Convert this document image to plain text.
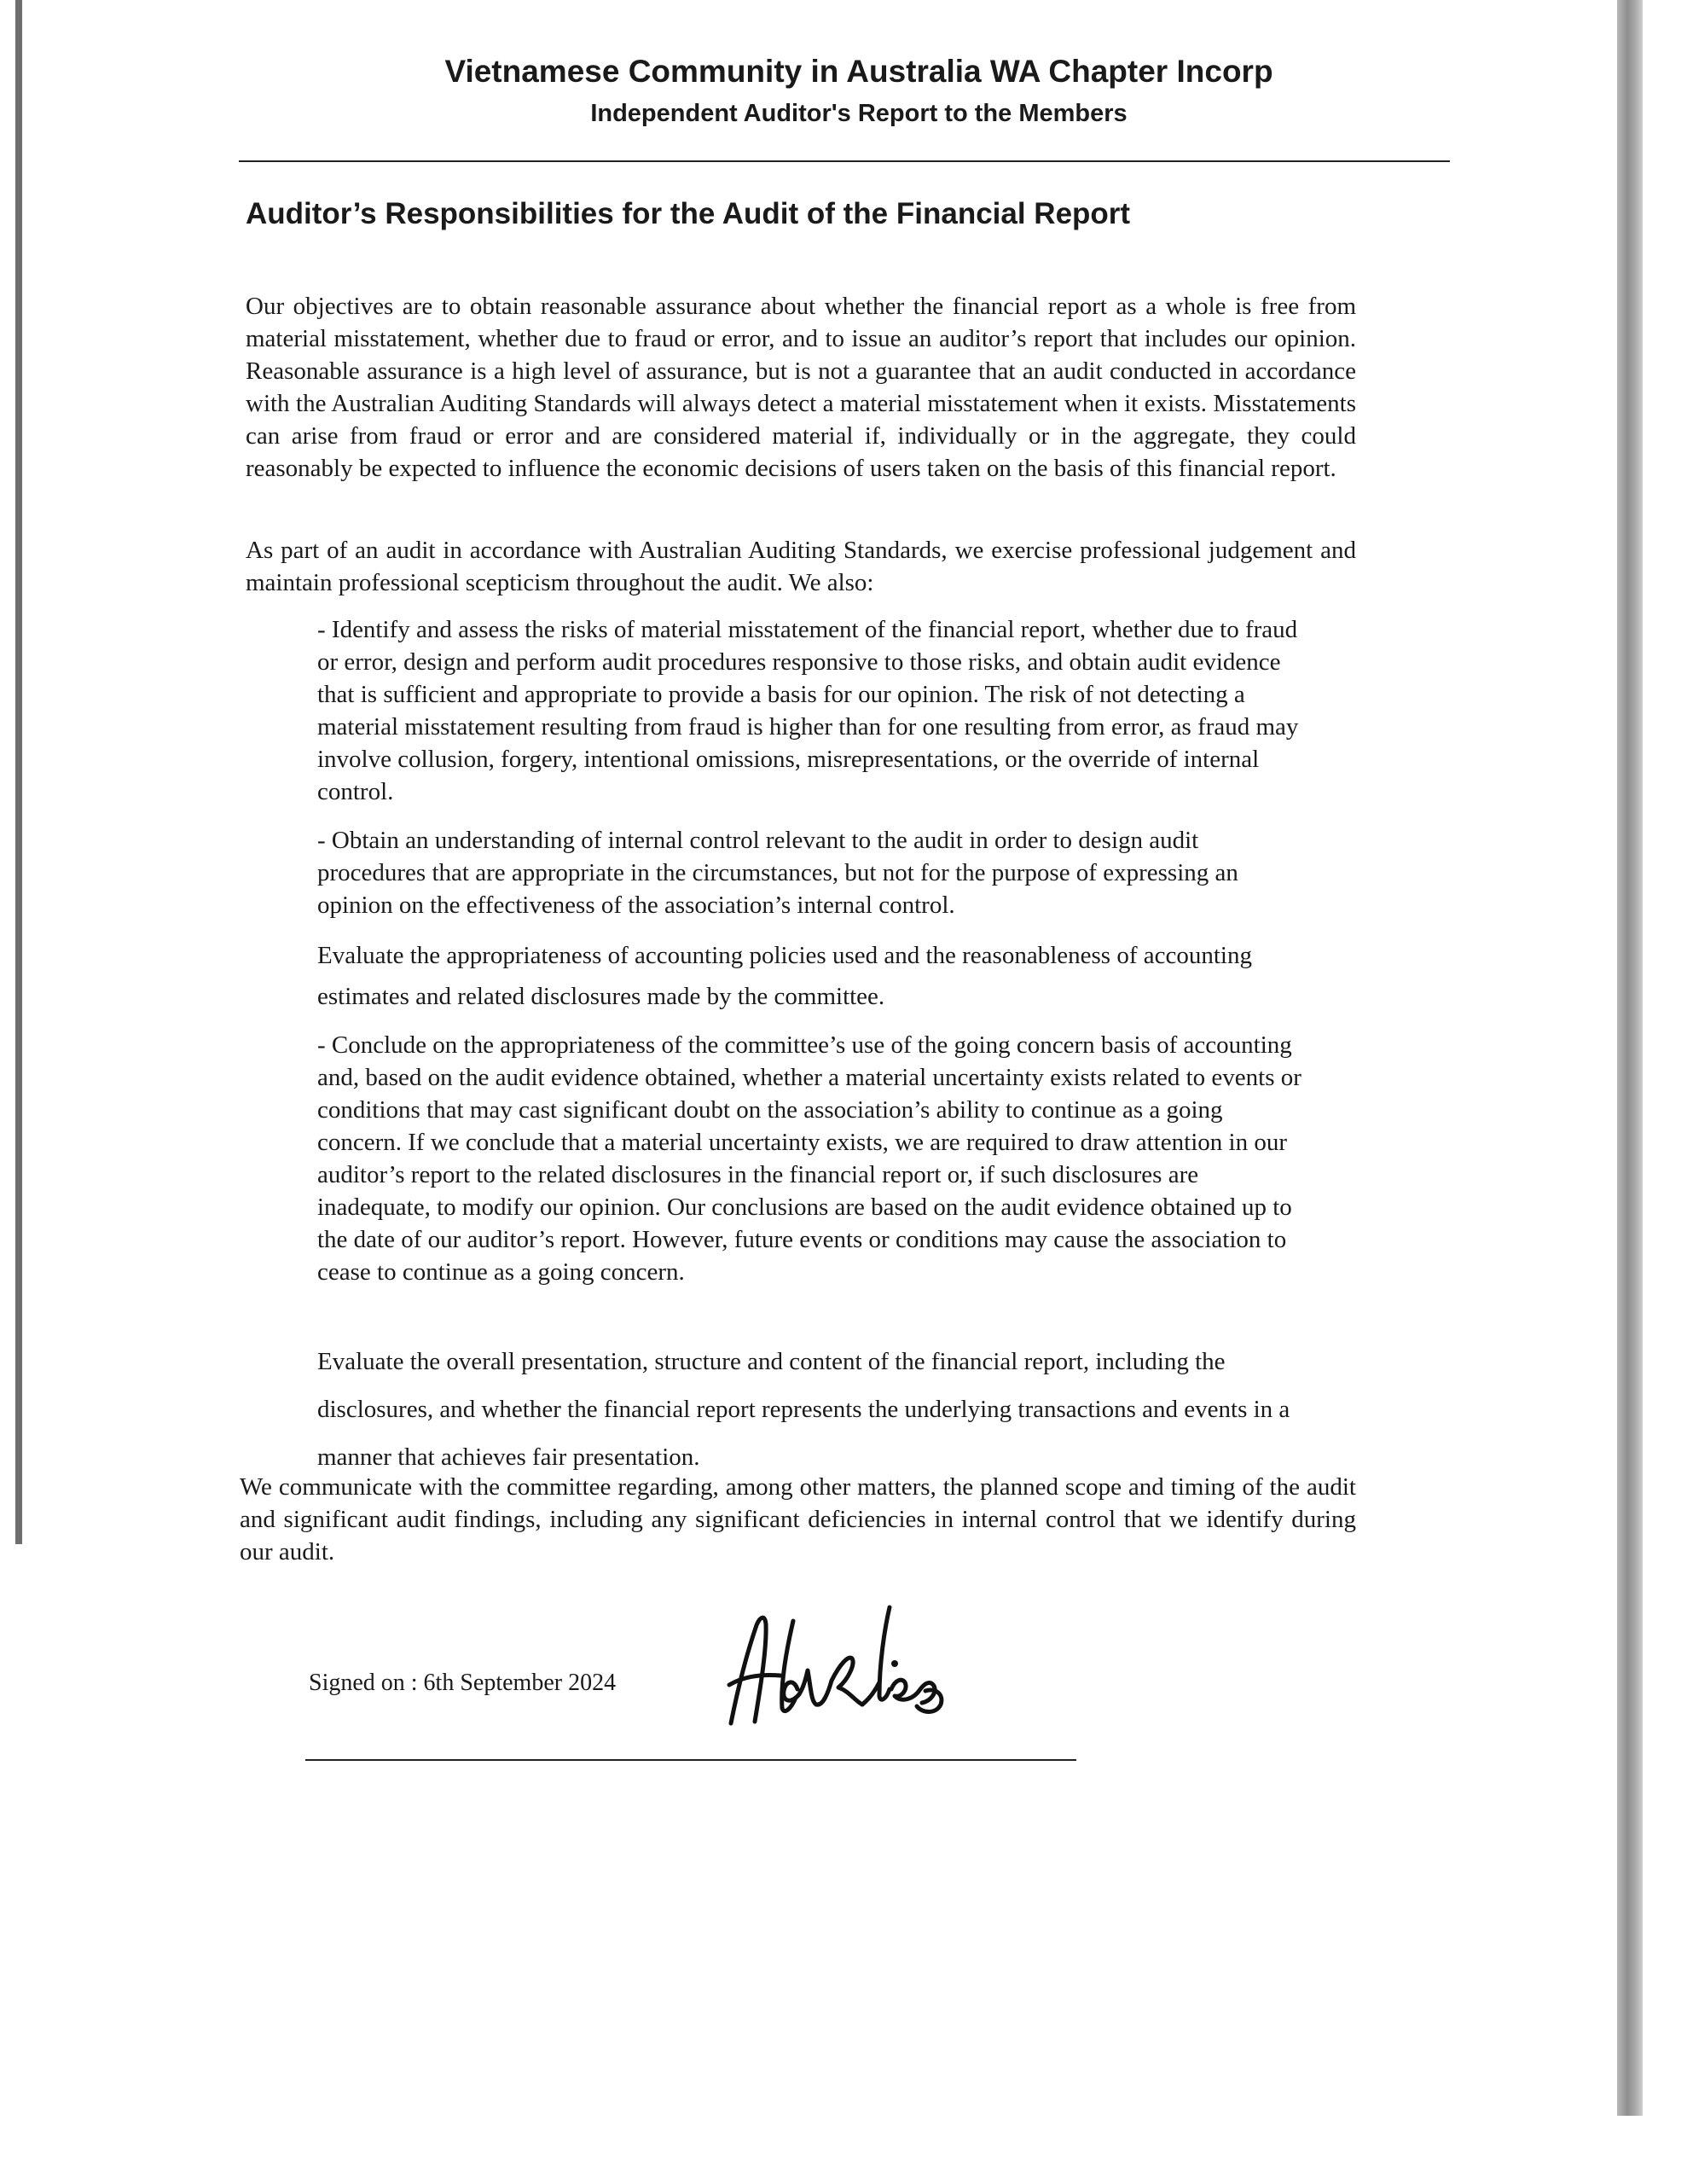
Vietnamese Community in Australia WA Chapter Incorp
Independent Auditor's Report to the Members
Auditor’s Responsibilities for the Audit of the Financial Report

Our objectives are to obtain reasonable assurance about whether the financial report as a whole is free from material misstatement, whether due to fraud or error, and to issue an auditor’s report that includes our opinion. Reasonable assurance is a high level of assurance, but is not a guarantee that an audit conducted in accordance with the Australian Auditing Standards will always detect a material misstatement when it exists. Misstatements can arise from fraud or error and are considered material if, individually or in the aggregate, they could reasonably be expected to influence the economic decisions of users taken on the basis of this financial report.

As part of an audit in accordance with Australian Auditing Standards, we exercise professional judgement and maintain professional scepticism throughout the audit. We also:

- Identify and assess the risks of material misstatement of the financial report, whether due to fraud or error, design and perform audit procedures responsive to those risks, and obtain audit evidence that is sufficient and appropriate to provide a basis for our opinion. The risk of not detecting a material misstatement resulting from fraud is higher than for one resulting from error, as fraud may involve collusion, forgery, intentional omissions, misrepresentations, or the override of internal control.

- Obtain an understanding of internal control relevant to the audit in order to design audit procedures that are appropriate in the circumstances, but not for the purpose of expressing an opinion on the effectiveness of the association’s internal control.

Evaluate the appropriateness of accounting policies used and the reasonableness of accounting estimates and related disclosures made by the committee.

- Conclude on the appropriateness of the committee’s use of the going concern basis of accounting and, based on the audit evidence obtained, whether a material uncertainty exists related to events or conditions that may cast significant doubt on the association’s ability to continue as a going concern. If we conclude that a material uncertainty exists, we are required to draw attention in our auditor’s report to the related disclosures in the financial report or, if such disclosures are inadequate, to modify our opinion. Our conclusions are based on the audit evidence obtained up to the date of our auditor’s report. However, future events or conditions may cause the association to cease to continue as a going concern.

Evaluate the overall presentation, structure and content of the financial report, including the disclosures, and whether the financial report represents the underlying transactions and events in a manner that achieves fair presentation.

We communicate with the committee regarding, among other matters, the planned scope and timing of the audit and significant audit findings, including any significant deficiencies in internal control that we identify during our audit.

Signed on : 6th September 2024
